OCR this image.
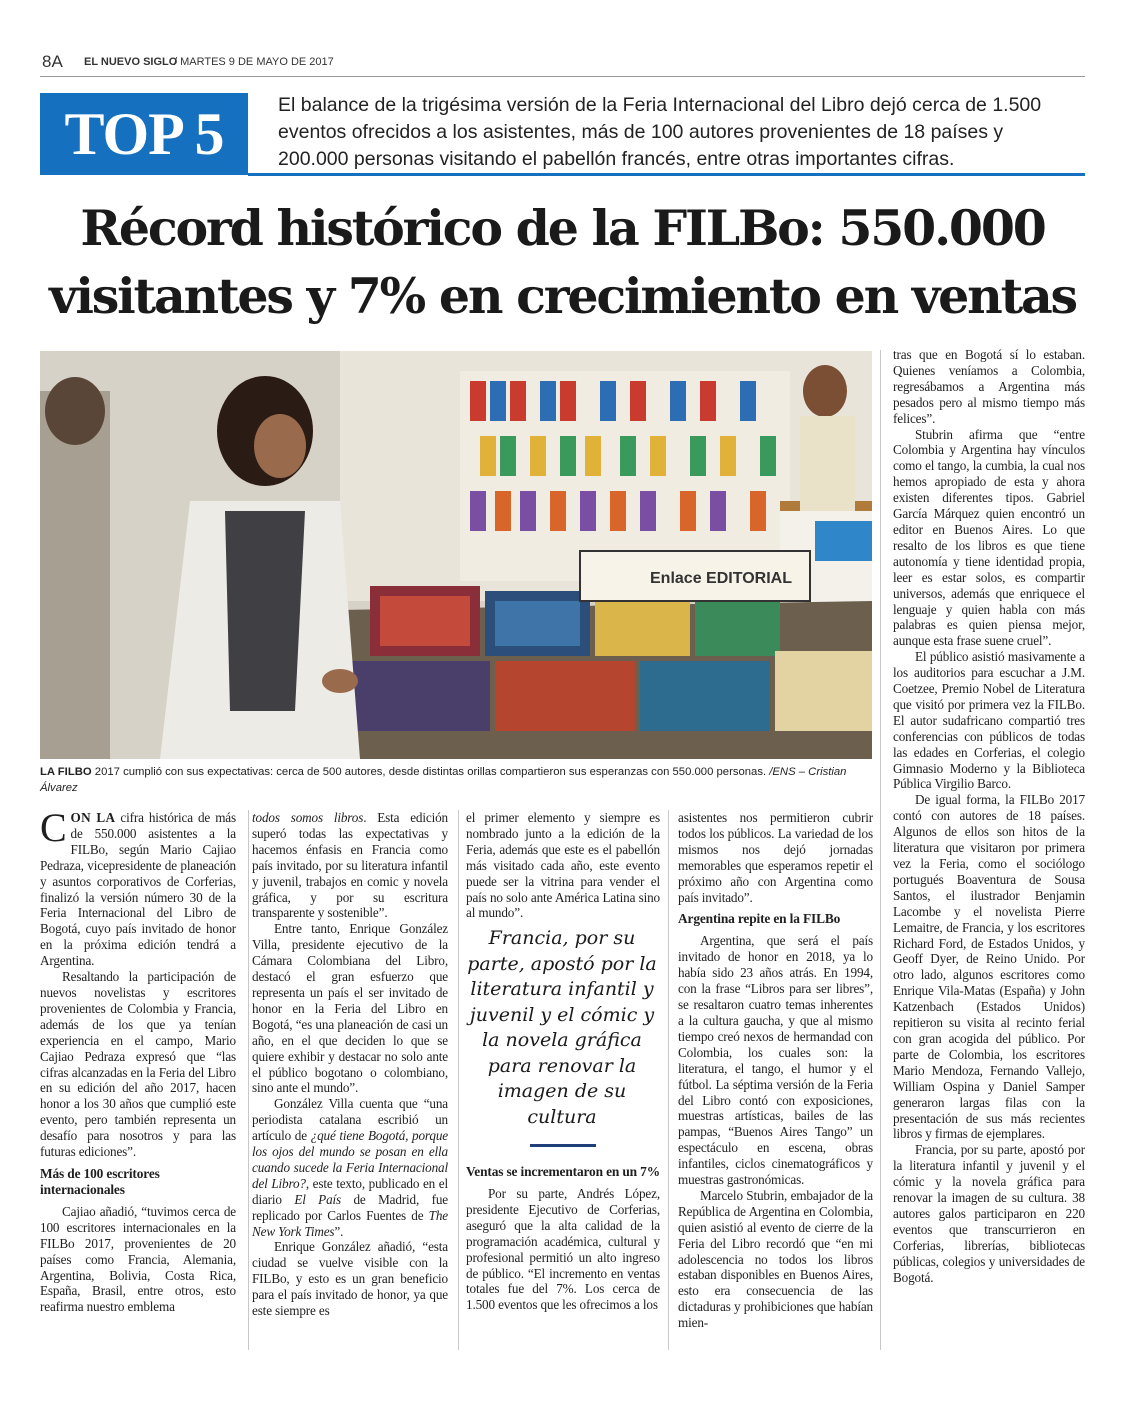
8A EL NUEVO SIGLO
/ MARTES 9 DE MAYO DE 2017
TOP 5	El balance de la trigésima versión de la Feria Internacional del Libro dejó cerca de 1.500 eventos ofrecidos a los asistentes, más de 100 autores provenientes de 18 países y 200.000 personas visitando el pabellón francés, entre otras importantes cifras.
Récord histórico de la FILBo: 550.000
visitantes y 7% en crecimiento en ventas
Enlace EDITORIAL
LA FILBO 2017 cumplió con sus expectativas: cerca de 500 autores, desde distintas orillas compartieron sus esperanzas con 550.000 personas. /ENS – Cristian Álvarez

CON LA cifra histórica de más de 550.000 asistentes a la FILBo, según Mario Cajiao Pedraza, vicepresidente de planeación y asuntos corporativos de Corferias, finalizó la versión número 30 de la Feria Internacional del Libro de Bogotá, cuyo país invitado de honor en la próxima edición tendrá a Argentina.

Resaltando la participación de nuevos novelistas y escritores provenientes de Colombia y Francia, además de los que ya tenían experiencia en el campo, Mario Cajiao Pedraza expresó que “las cifras alcanzadas en la Feria del Libro en su edición del año 2017, hacen honor a los 30 años que cumplió este evento, pero también representa un desafío para nosotros y para las futuras ediciones”.

Más de 100 escritores internacionales

Cajiao añadió, “tuvimos cerca de 100 escritores internacionales en la FILBo 2017, provenientes de 20 países como Francia, Alemania, Argentina, Bolivia, Costa Rica, España, Brasil, entre otros, esto reafirma nuestro emblema

todos somos libros. Esta edición superó todas las expectativas y hacemos énfasis en Francia como país invitado, por su literatura infantil y juvenil, trabajos en comic y novela gráfica, y por su escritura transparente y sostenible”.

Entre tanto, Enrique González Villa, presidente ejecutivo de la Cámara Colombiana del Libro, destacó el gran esfuerzo que representa un país el ser invitado de honor en la Feria del Libro en Bogotá, “es una planeación de casi un año, en el que deciden lo que se quiere exhibir y destacar no solo ante el público bogotano o colombiano, sino ante el mundo”.

González Villa cuenta que “una periodista catalana escribió un artículo de ¿qué tiene Bogotá, porque los ojos del mundo se posan en ella cuando sucede la Feria Internacional del Libro?, este texto, publicado en el diario El País de Madrid, fue replicado por Carlos Fuentes de The New York Times”.

Enrique González añadió, “esta ciudad se vuelve visible con la FILBo, y esto es un gran beneficio para el país invitado de honor, ya que este siempre es

el primer elemento y siempre es nombrado junto a la edición de la Feria, además que este es el pabellón más visitado cada año, este evento puede ser la vitrina para vender el país no solo ante América Latina sino al mundo”.

Francia, por su parte, apostó por la literatura infantil y juvenil y el cómic y la novela gráfica para renovar la imagen de su cultura
Ventas se incrementaron en un 7%

Por su parte, Andrés López, presidente Ejecutivo de Corferias, aseguró que la alta calidad de la programación académica, cultural y profesional permitió un alto ingreso de público. “El incremento en ventas totales fue del 7%. Los cerca de 1.500 eventos que les ofrecimos a los

asistentes nos permitieron cubrir todos los públicos. La variedad de los mismos nos dejó jornadas memorables que esperamos repetir el próximo año con Argentina como país invitado”.

Argentina repite en la FILBo

Argentina, que será el país invitado de honor en 2018, ya lo había sido 23 años atrás. En 1994, con la frase “Libros para ser libres”, se resaltaron cuatro temas inherentes a la cultura gaucha, y que al mismo tiempo creó nexos de hermandad con Colombia, los cuales son: la literatura, el tango, el humor y el fútbol. La séptima versión de la Feria del Libro contó con exposiciones, muestras artísticas, bailes de las pampas, “Buenos Aires Tango” un espectáculo en escena, obras infantiles, ciclos cinematográficos y muestras gastronómicas.

Marcelo Stubrin, embajador de la República de Argentina en Colombia, quien asistió al evento de cierre de la Feria del Libro recordó que “en mi adolescencia no todos los libros estaban disponibles en Buenos Aires, esto era consecuencia de las dictaduras y prohibiciones que habían mien-

tras que en Bogotá sí lo estaban. Quienes veníamos a Colombia, regresábamos a Argentina más pesados pero al mismo tiempo más felices”.

Stubrin afirma que “entre Colombia y Argentina hay vínculos como el tango, la cumbia, la cual nos hemos apropiado de esta y ahora existen diferentes tipos. Gabriel García Márquez quien encontró un editor en Buenos Aires. Lo que resalto de los libros es que tiene autonomía y tiene identidad propia, leer es estar solos, es compartir universos, además que enriquece el lenguaje y quien habla con más palabras es quien piensa mejor, aunque esta frase suene cruel”.

El público asistió masivamente a los auditorios para escuchar a J.M. Coetzee, Premio Nobel de Literatura que visitó por primera vez la FILBo. El autor sudafricano compartió tres conferencias con públicos de todas las edades en Corferias, el colegio Gimnasio Moderno y la Biblioteca Pública Virgilio Barco.

De igual forma, la FILBo 2017 contó con autores de 18 países. Algunos de ellos son hitos de la literatura que visitaron por primera vez la Feria, como el sociólogo portugués Boaventura de Sousa Santos, el ilustrador Benjamin Lacombe y el novelista Pierre Lemaitre, de Francia, y los escritores Richard Ford, de Estados Unidos, y Geoff Dyer, de Reino Unido. Por otro lado, algunos escritores como Enrique Vila-Matas (España) y John Katzenbach (Estados Unidos) repitieron su visita al recinto ferial con gran acogida del público. Por parte de Colombia, los escritores Mario Mendoza, Fernando Vallejo, William Ospina y Daniel Samper generaron largas filas con la presentación de sus más recientes libros y firmas de ejemplares.

Francia, por su parte, apostó por la literatura infantil y juvenil y el cómic y la novela gráfica para renovar la imagen de su cultura. 38 autores galos participaron en 220 eventos que transcurrieron en Corferias, librerías, bibliotecas públicas, colegios y universidades de Bogotá.
